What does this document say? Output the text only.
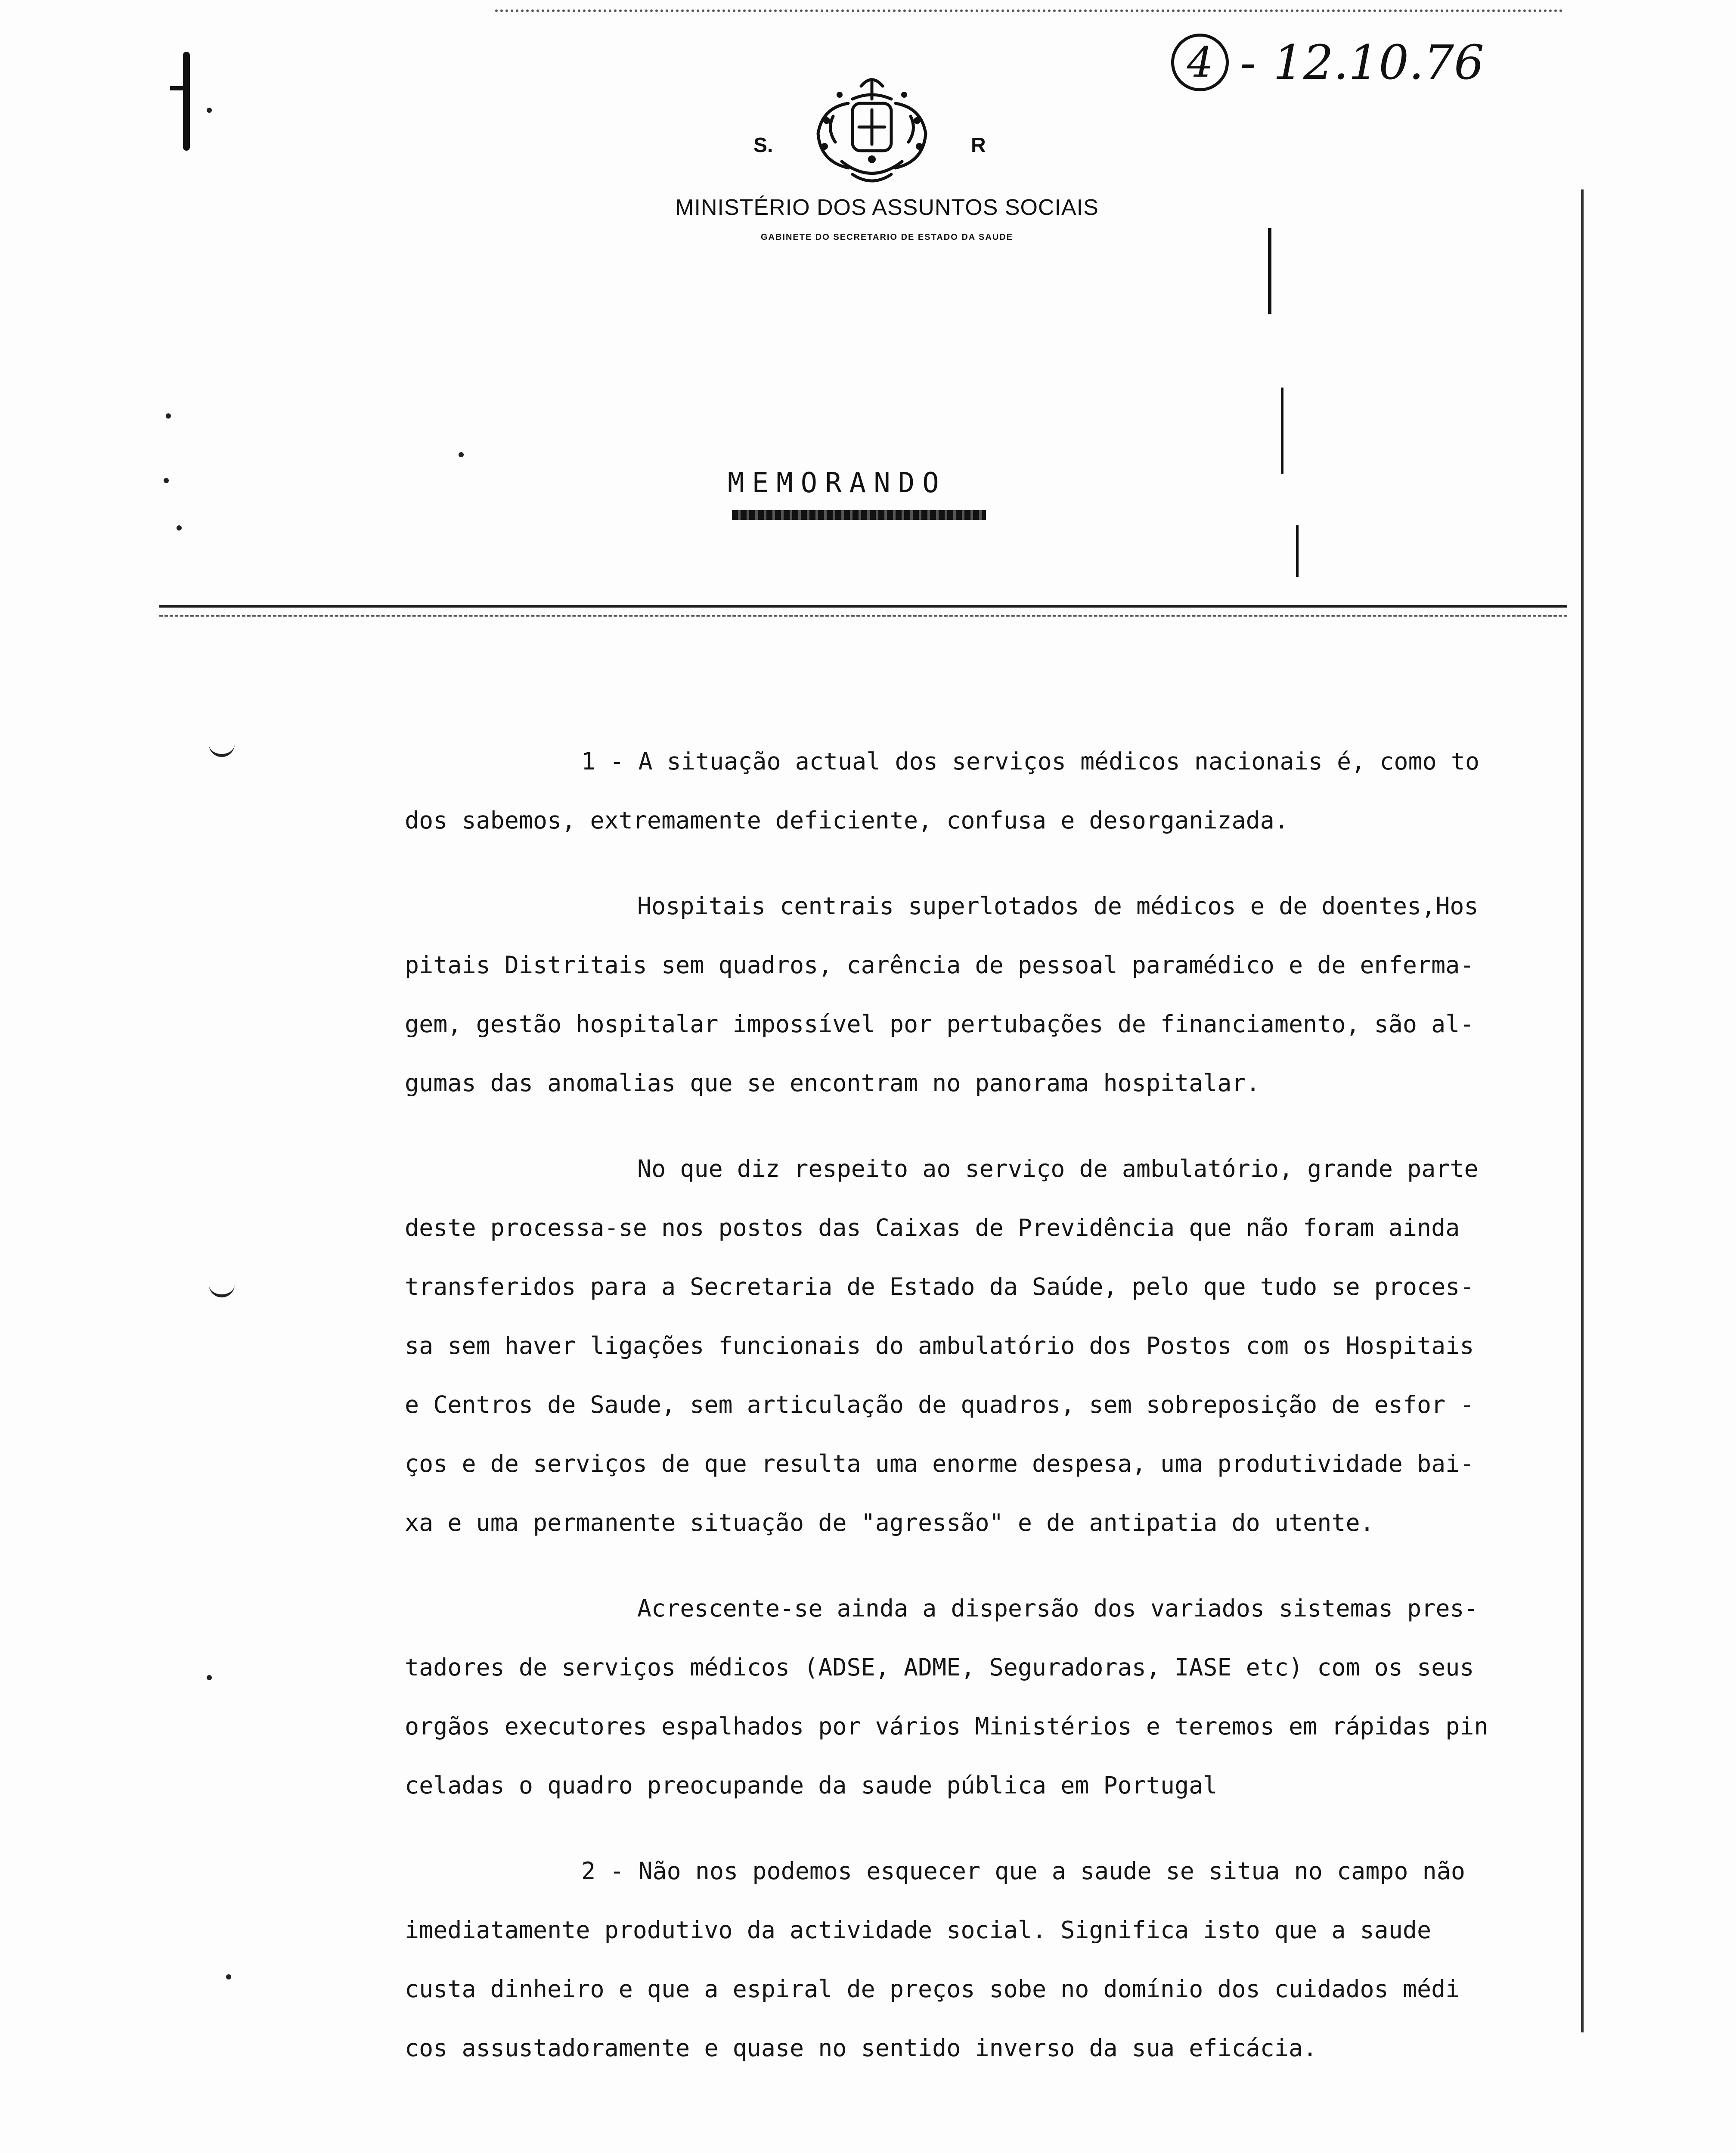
4 - 12.10.76
S.	R
MINISTÉRIO DOS ASSUNTOS SOCIAIS
GABINETE DO SECRETARIO DE ESTADO DA SAUDE
MEMORANDO
1 - A situação actual dos serviços médicos nacionais é, como to
dos sabemos, extremamente deficiente, confusa e desorganizada.
Hospitais centrais superlotados de médicos e de doentes,Hos
pitais Distritais sem quadros, carência de pessoal paramédico e de enferma-
gem, gestão hospitalar impossível por pertubações de financiamento, são al-
gumas das anomalias que se encontram no panorama hospitalar.
No que diz respeito ao serviço de ambulatório, grande parte
deste processa-se nos postos das Caixas de Previdência que não foram ainda
transferidos para a Secretaria de Estado da Saúde, pelo que tudo se proces-
sa sem haver ligações funcionais do ambulatório dos Postos com os Hospitais
e Centros de Saude, sem articulação de quadros, sem sobreposição de esfor -
ços e de serviços de que resulta uma enorme despesa, uma produtividade bai-
xa e uma permanente situação de "agressão" e de antipatia do utente.
Acrescente-se ainda a dispersão dos variados sistemas pres-
tadores de serviços médicos (ADSE, ADME, Seguradoras, IASE etc) com os seus
orgãos executores espalhados por vários Ministérios e teremos em rápidas pin
celadas o quadro preocupande da saude pública em Portugal
2 - Não nos podemos esquecer que a saude se situa no campo não
imediatamente produtivo da actividade social. Significa isto que a saude
custa dinheiro e que a espiral de preços sobe no domínio dos cuidados médi
cos assustadoramente e quase no sentido inverso da sua eficácia.
